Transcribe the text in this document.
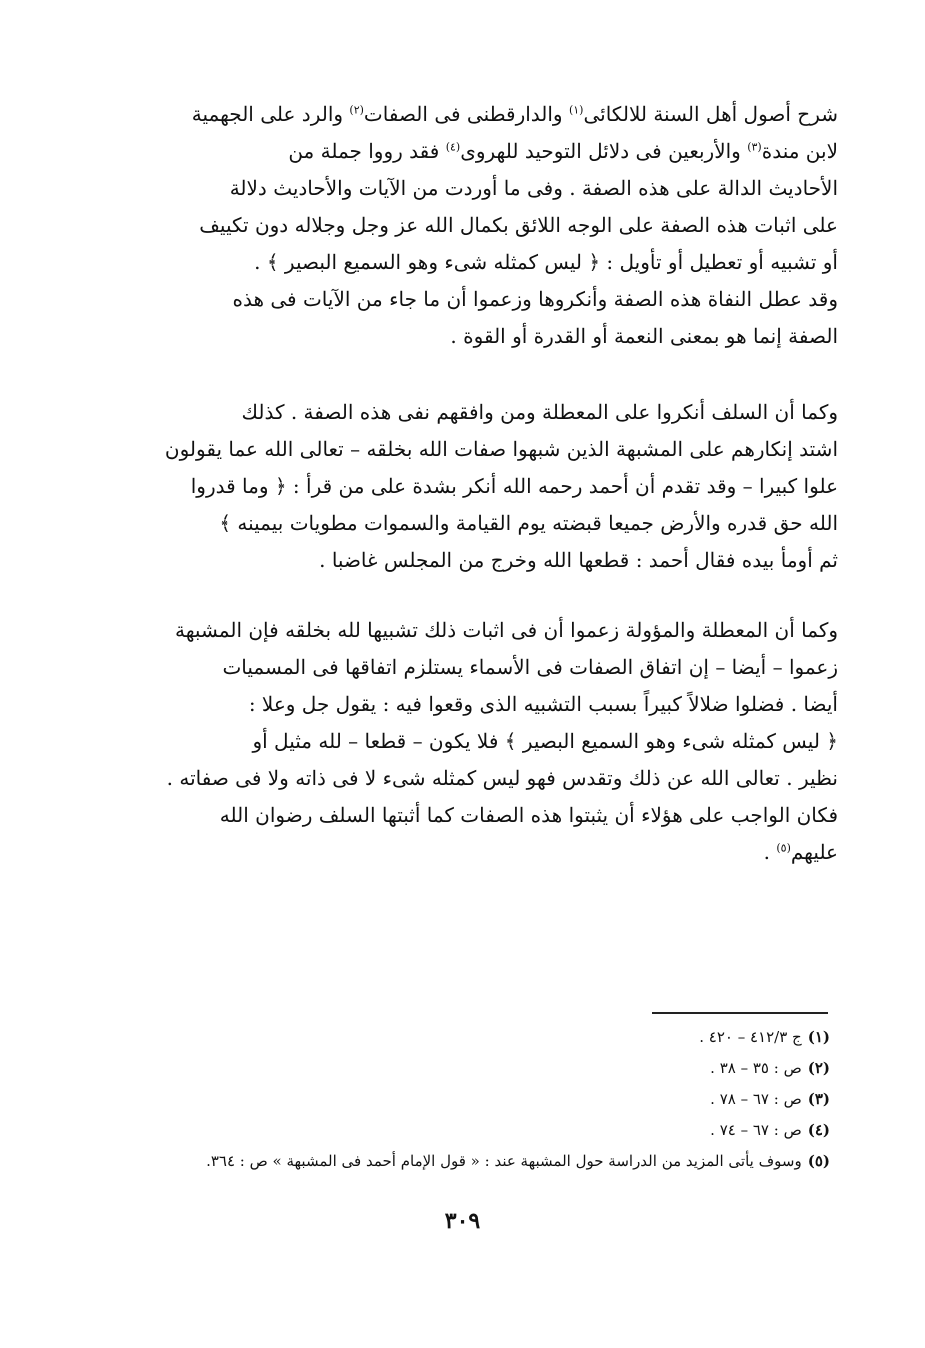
شرح أصول أهل السنة للالكائى$^{(١)}$ والدارقطنى فى الصفات$^{(٢)}$ والرد على الجهمية

لابن مندة$^{(٣)}$ والأربعين فى دلائل التوحيد للهروى$^{(٤)}$ فقد رووا جملة من

الأحاديث الدالة على هذه الصفة . وفى ما أوردت من الآيات والأحاديث دلالة

على اثبات هذه الصفة على الوجه اللائق بكمال الله عز وجل وجلاله دون تكييف

أو تشبيه أو تعطيل أو تأويل : ﴿ ليس كمثله شىء وهو السميع البصير ﴾ .

وقد عطل النفاة هذه الصفة وأنكروها وزعموا أن ما جاء من الآيات فى هذه

الصفة إنما هو بمعنى النعمة أو القدرة أو القوة .

وكما أن السلف أنكروا على المعطلة ومن وافقهم نفى هذه الصفة . كذلك

اشتد إنكارهم على المشبهة الذين شبهوا صفات الله بخلقه – تعالى الله عما يقولون

علوا كبيرا – وقد تقدم أن أحمد رحمه الله أنكر بشدة على من قرأ : ﴿ وما قدروا

الله حق قدره والأرض جميعا قبضته يوم القيامة والسموات مطويات بيمينه ﴾

ثم أومأ بيده فقال أحمد : قطعها الله وخرج من المجلس غاضبا .

وكما أن المعطلة والمؤولة زعموا أن فى اثبات ذلك تشبيها لله بخلقه فإن المشبهة

زعموا – أيضا – إن اتفاق الصفات فى الأسماء يستلزم اتفاقها فى المسميات

أيضا . فضلوا ضلالاً كبيراً بسبب التشبيه الذى وقعوا فيه : يقول جل وعلا :

﴿ ليس كمثله شىء وهو السميع البصير ﴾ فلا يكون – قطعا – لله مثيل أو

نظير . تعالى الله عن ذلك وتقدس فهو ليس كمثله شىء لا فى ذاته ولا فى صفاته .

فكان الواجب على هؤلاء أن يثبتوا هذه الصفات كما أثبتها السلف رضوان الله

عليهم$^{(٥)}$ .

(١)ج ٤١٢/٣ – ٤٢٠ .
(٢)ص : ٣٥ – ٣٨ .
(٣)ص : ٦٧ – ٧٨ .
(٤)ص : ٦٧ – ٧٤ .
(٥)وسوف يأتى المزيد من الدراسة حول المشبهة عند : « قول الإمام أحمد فى المشبهة » ص : ٣٦٤.
٣٠٩
